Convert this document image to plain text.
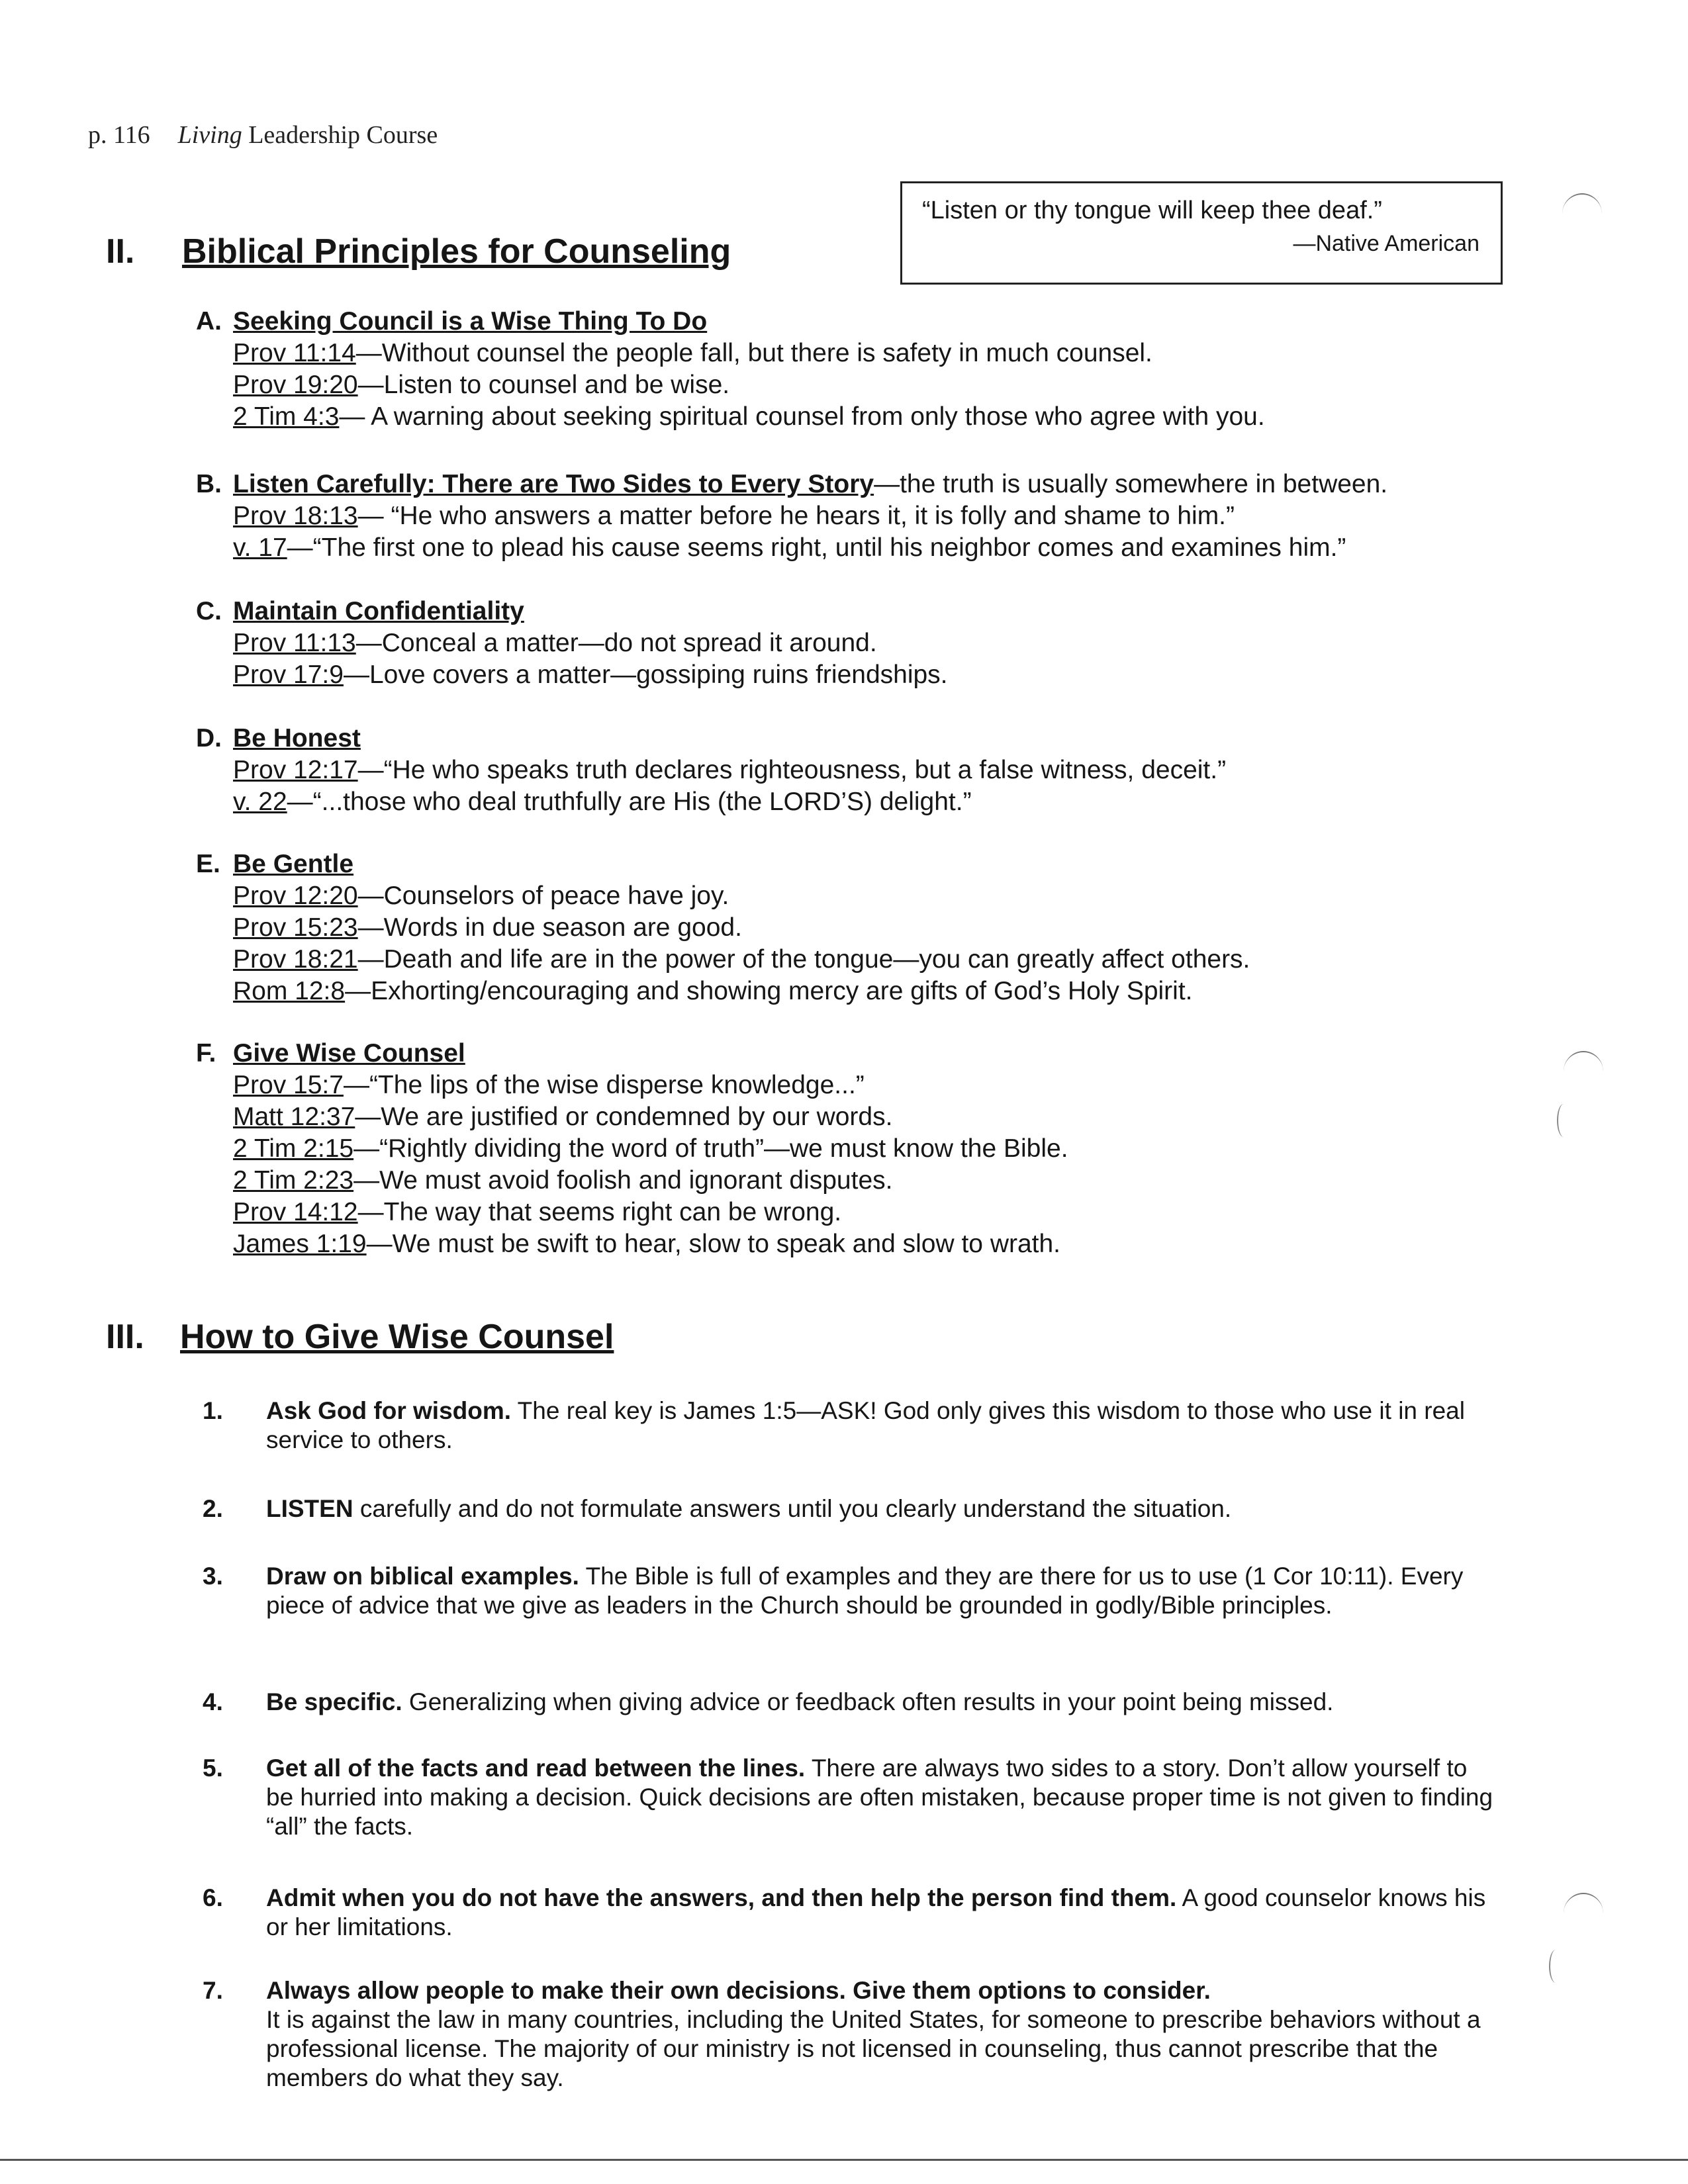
p. 116 Living Leadership Course
“Listen or thy tongue will keep thee deaf.”
—Native American
II. Biblical Principles for Counseling
A. Seeking Council is a Wise Thing To Do
Prov 11:14—Without counsel the people fall, but there is safety in much counsel.
Prov 19:20—Listen to counsel and be wise.
2 Tim 4:3— A warning about seeking spiritual counsel from only those who agree with you.
B. Listen Carefully: There are Two Sides to Every Story—the truth is usually somewhere in between.
Prov 18:13— “He who answers a matter before he hears it, it is folly and shame to him.”
v. 17—“The first one to plead his cause seems right, until his neighbor comes and examines him.”
C. Maintain Confidentiality
Prov 11:13—Conceal a matter—do not spread it around.
Prov 17:9—Love covers a matter—gossiping ruins friendships.
D. Be Honest
Prov 12:17—“He who speaks truth declares righteousness, but a false witness, deceit.”
v. 22—“...those who deal truthfully are His (the LORD’S) delight.”
E. Be Gentle
Prov 12:20—Counselors of peace have joy.
Prov 15:23—Words in due season are good.
Prov 18:21—Death and life are in the power of the tongue—you can greatly affect others.
Rom 12:8—Exhorting/encouraging and showing mercy are gifts of God’s Holy Spirit.
F. Give Wise Counsel
Prov 15:7—“The lips of the wise disperse knowledge...”
Matt 12:37—We are justified or condemned by our words.
2 Tim 2:15—“Rightly dividing the word of truth”—we must know the Bible.
2 Tim 2:23—We must avoid foolish and ignorant disputes.
Prov 14:12—The way that seems right can be wrong.
James 1:19—We must be swift to hear, slow to speak and slow to wrath.
III. How to Give Wise Counsel
1. Ask God for wisdom. The real key is James 1:5—ASK! God only gives this wisdom to those who use it in real service to others.
2. LISTEN carefully and do not formulate answers until you clearly understand the situation.
3. Draw on biblical examples. The Bible is full of examples and they are there for us to use (1 Cor 10:11). Every piece of advice that we give as leaders in the Church should be grounded in godly/Bible principles.
4. Be specific. Generalizing when giving advice or feedback often results in your point being missed.
5. Get all of the facts and read between the lines. There are always two sides to a story. Don’t allow yourself to be hurried into making a decision. Quick decisions are often mistaken, because proper time is not given to finding “all” the facts.
6. Admit when you do not have the answers, and then help the person find them. A good counselor knows his or her limitations.
7. Always allow people to make their own decisions. Give them options to consider.
It is against the law in many countries, including the United States, for someone to prescribe behaviors without a professional license. The majority of our ministry is not licensed in counseling, thus cannot prescribe that the members do what they say.
